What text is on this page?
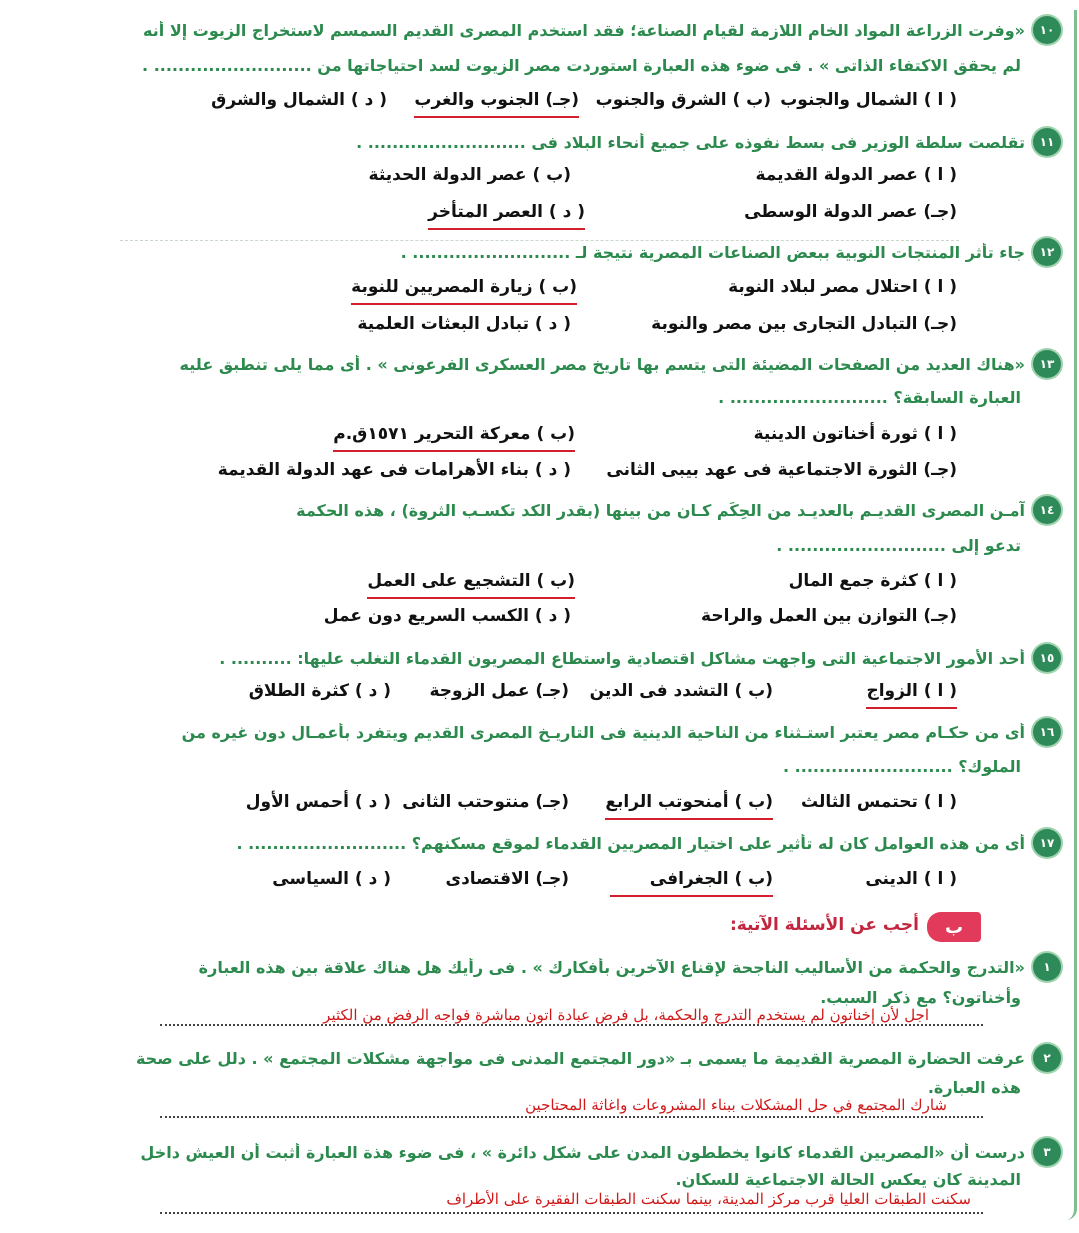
١٠
«وفرت الزراعة المواد الخام اللازمة لقيام الصناعة؛ فقد استخدم المصرى القديم السمسم لاستخراج الزيوت إلا أنه
لم يحقق الاكتفاء الذاتى » . فى ضوء هذه العبارة استوردت مصر الزيوت لسد احتياجاتها من .......................... .
( ا ) الشمال والجنوب
(ب ) الشرق والجنوب
(جـ) الجنوب والغرب
( د ) الشمال والشرق
١١
تقلصت سلطة الوزير فى بسط نفوذه على جميع أنحاء البلاد فى .......................... .
( ا ) عصر الدولة القديمة
(ب ) عصر الدولة الحديثة
(جـ) عصر الدولة الوسطى
( د ) العصر المتأخر
١٢
جاء تأثر المنتجات النوبية ببعض الصناعات المصرية نتيجة لـ .......................... .
( ا ) احتلال مصر لبلاد النوبة
(ب ) زيارة المصريين للنوبة
(جـ) التبادل التجارى بين مصر والنوبة
( د ) تبادل البعثات العلمية
١٣
«هناك العديد من الصفحات المضيئة التى يتسم بها تاريخ مصر العسكرى الفرعونى » . أى مما يلى تنطبق عليه
العبارة السابقة؟ .......................... .
( ا ) ثورة أخناتون الدينية
(ب ) معركة التحرير ١٥٧١ق.م
(جـ) الثورة الاجتماعية فى عهد بيبى الثانى
( د ) بناء الأهرامات فى عهد الدولة القديمة
١٤
آمـن المصرى القديـم بالعديـد من الحِكَم كـان من بينها (بقدر الكد تكسـب الثروة) ، هذه الحكمة
تدعو إلى .......................... .
( ا ) كثرة جمع المال
(ب ) التشجيع على العمل
(جـ) التوازن بين العمل والراحة
( د ) الكسب السريع دون عمل
١٥
أحد الأمور الاجتماعية التى واجهت مشاكل اقتصادية واستطاع المصريون القدماء التغلب عليها: .......... .
( ا ) الزواج
(ب ) التشدد فى الدين
(جـ) عمل الزوجة
( د ) كثرة الطلاق
١٦
أى من حكـام مصر يعتبر استـثناء من الناحية الدينية فى التاريـخ المصرى القديم ويتفرد بأعمـال دون غيره من
الملوك؟ .......................... .
( ا ) تحتمس الثالث
(ب ) أمنحوتب الرابع
(جـ) منتوحتب الثانى
( د ) أحمس الأول
١٧
أى من هذه العوامل كان له تأثير على اختيار المصريين القدماء لموقع مسكنهم؟ .......................... .
( ا ) الدينى
(ب ) الجغرافى
(جـ) الاقتصادى
( د ) السياسى
ب
أجب عن الأسئلة الآتية:
١
«التدرج والحكمة من الأساليب الناجحة لإقناع الآخرين بأفكارك » . فى رأيك هل هناك علاقة بين هذه العبارة
وأخناتون؟ مع ذكر السبب.
اجل لأن إخناتون لم يستخدم التدرج والحكمة، بل فرض عبادة اتون مباشرة فواجه الرفض من الكثير
٢
عرفت الحضارة المصرية القديمة ما يسمى بـ «دور المجتمع المدنى فى مواجهة مشكلات المجتمع » . دلل على صحة
هذه العبارة.
شارك المجتمع في حل المشكلات ببناء المشروعات واغاثة المحتاجين
٣
درست أن «المصريين القدماء كانوا يخططون المدن على شكل دائرة » ، فى ضوء هذة العبارة أثبت أن العيش داخل
المدينة كان يعكس الحالة الاجتماعية للسكان.
سكنت الطبقات العليا قرب مركز المدينة، بينما سكنت الطبقات الفقيرة على الأطراف
